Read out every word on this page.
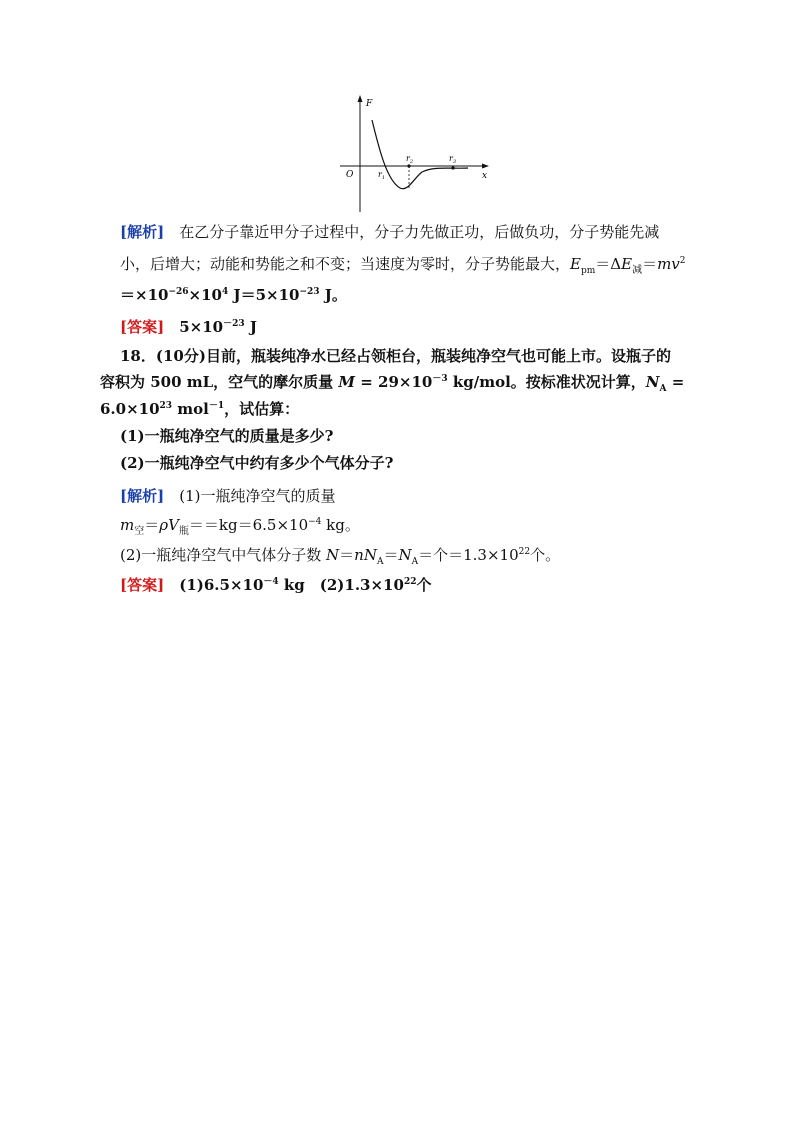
F
x
O	$r_1$
$r_2$	$r_3$
[解析]　 在乙分子靠近甲分子过程中，分子力先做正功，后做负功，分子势能先减
小，后增大；动能和势能之和不变；当速度为零时，分子势能最大，$E_{pm}=\Delta E_减=mv^2$
$=\times 10^{-26}\times 10^4$ $J=5\times 10^{-23}$ J。
[答案]　 $5\times 10^{-23}$ J
18．(10分)目前，瓶装纯净水已经占领柜台，瓶装纯净空气也可能上市。设瓶子的
容积为 500 mL，空气的摩尔质量 $M = 29\times 10^{-3}$ kg/mol。按标准状况计算，$N_A$ =
$6.0\times 10^{23}$ mol$^{-1}$，试估算：
(1)一瓶纯净空气的质量是多少?
(2)一瓶纯净空气中约有多少个气体分子?
[解析]　 (1)一瓶纯净空气的质量
$m_空=\rho V_瓶==kg=6.5\times 10^{-4}$ kg。
(2)一瓶纯净空气中气体分子数 $N=nN_A=N_A=$个$=1.3\times 10^{22}$个。
[答案]　 $(1)6.5\times 10^{-4}$ kg　$(2)1.3\times 10^{22}$个
